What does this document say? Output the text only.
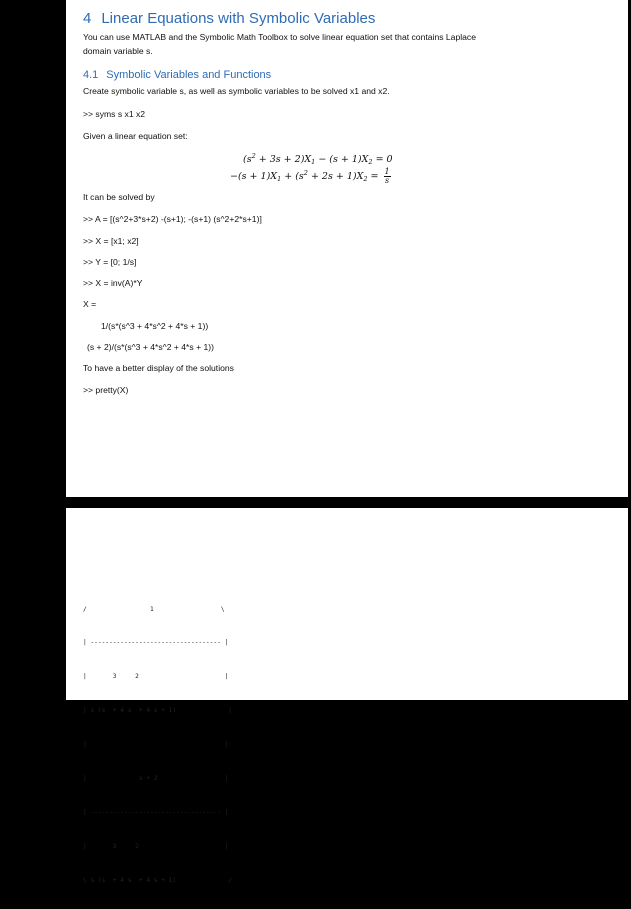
4 Linear Equations with Symbolic Variables
You can use MATLAB and the Symbolic Math Toolbox to solve linear equation set that contains Laplace
domain variable s.
4.1 Symbolic Variables and Functions
Create symbolic variable s, as well as symbolic variables to be solved x1 and x2.
>> syms s x1 x2
Given a linear equation set:
$(s^2 + 3s + 2)X_1 - (s + 1)X_2 = 0$
$-(s + 1)X_1 + (s^2 + 2s + 1)X_2 = \frac{1}{s}$
It can be solved by
>> A = [(s^2+3*s+2) -(s+1); -(s+1) (s^2+2*s+1)]
>> X = [x1; x2]
>> Y = [0; 1/s]
>> X = inv(A)*Y
X =
1/(s*(s^3 + 4*s^2 + 4*s + 1))
(s + 2)/(s*(s^3 + 4*s^2 + 4*s + 1))
To have a better display of the solutions
>> pretty(X)

/                 1                  \

| ----------------------------------- |

|       3     2                       |

| s (s  + 4 s  + 4 s + 1)              |

|                                     |

|              s + 2                  |

| ----------------------------------- |

|       3     2                       |

\ s (s  + 4 s  + 4 s + 1)              /
